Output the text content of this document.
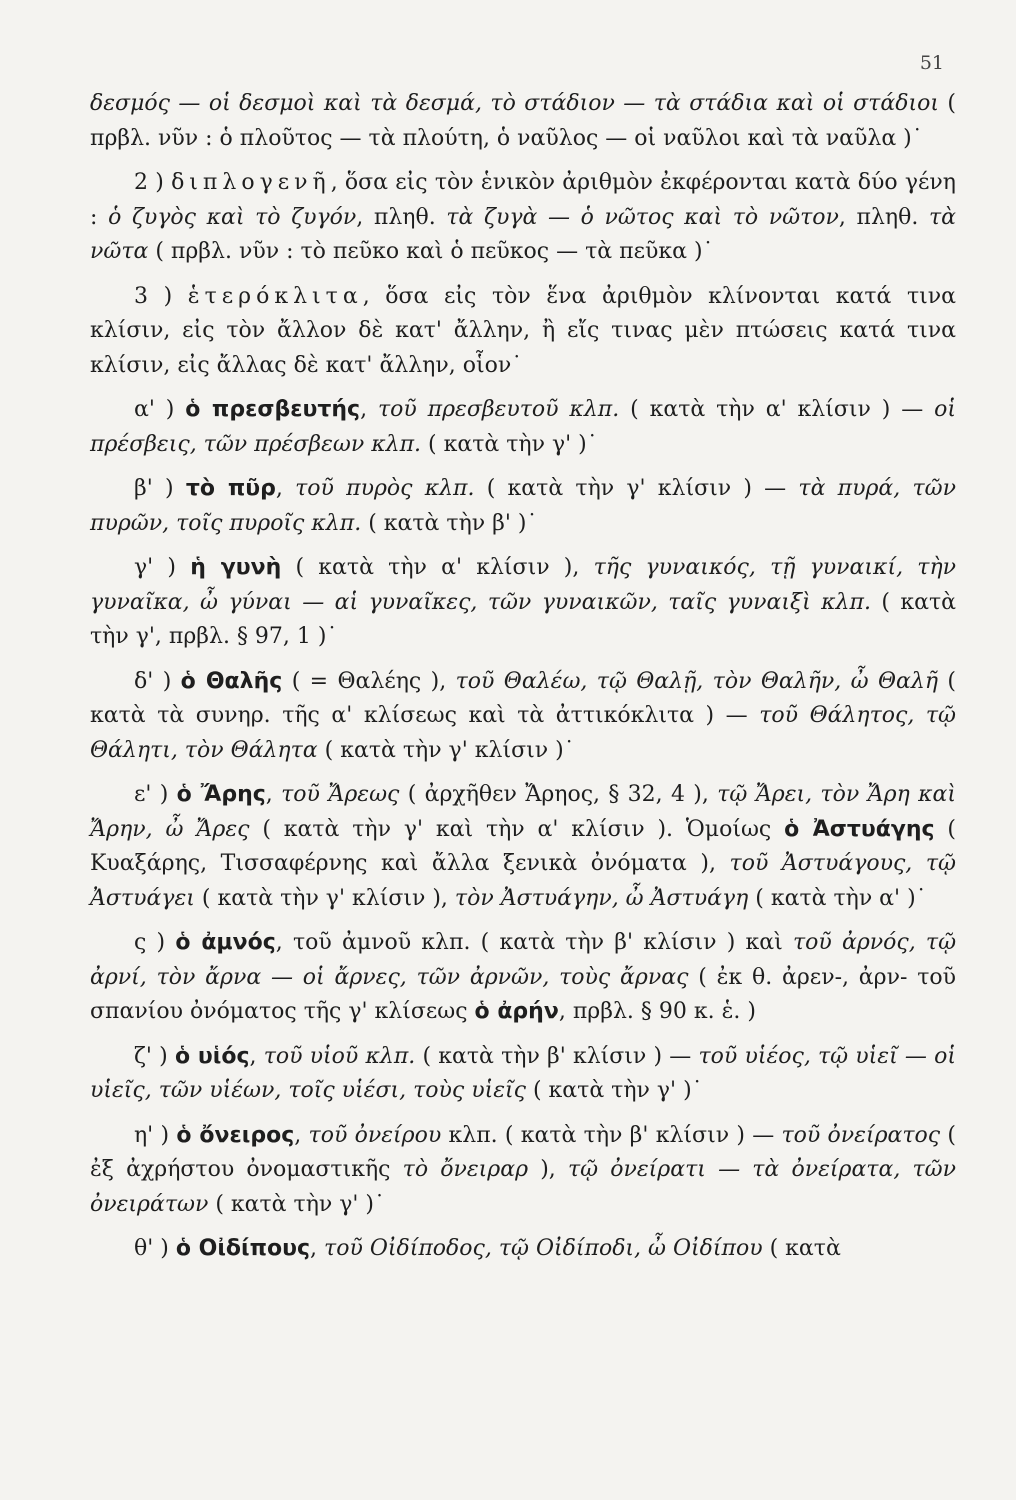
51

δεσμός — οἱ δεσμοὶ καὶ τὰ δεσμά, τὸ στάδιον — τὰ στάδια καὶ οἱ στάδιοι ( πρβλ. νῦν : ὁ πλοῦτος — τὰ πλούτη, ὁ ναῦλος — οἱ ναῦλοι καὶ τὰ ναῦλα )˙

2 ) διπλογενῆ, ὅσα εἰς τὸν ἑνικὸν ἀριθμὸν ἐκφέρονται κατὰ δύο γένη : ὁ ζυγὸς καὶ τὸ ζυγόν, πληθ. τὰ ζυγὰ — ὁ νῶτος καὶ τὸ νῶτον, πληθ. τὰ νῶτα ( πρβλ. νῦν : τὸ πεῦκο καὶ ὁ πεῦκος — τὰ πεῦκα )˙

3 ) ἑτερόκλιτα, ὅσα εἰς τὸν ἕνα ἀριθμὸν κλίνονται κατά τινα κλίσιν, εἰς τὸν ἄλλον δὲ κατ' ἄλλην, ἢ εἴς τινας μὲν πτώσεις κατά τινα κλίσιν, εἰς ἄλλας δὲ κατ' ἄλλην, οἷον˙

α' ) ὁ πρεσβευτής, τοῦ πρεσβευτοῦ κλπ. ( κατὰ τὴν α' κλίσιν ) — οἱ πρέσβεις, τῶν πρέσβεων κλπ. ( κατὰ τὴν γ' )˙

β' ) τὸ πῦρ, τοῦ πυρὸς κλπ. ( κατὰ τὴν γ' κλίσιν ) — τὰ πυρά, τῶν πυρῶν, τοῖς πυροῖς κλπ. ( κατὰ τὴν β' )˙

γ' ) ἡ γυνὴ ( κατὰ τὴν α' κλίσιν ), τῆς γυναικός, τῇ γυναικί, τὴν γυναῖκα, ὦ γύναι — αἱ γυναῖκες, τῶν γυναικῶν, ταῖς γυναιξὶ κλπ. ( κατὰ τὴν γ', πρβλ. § 97, 1 )˙

δ' ) ὁ Θαλῆς ( = Θαλέης ), τοῦ Θαλέω, τῷ Θαλῇ, τὸν Θαλῆν, ὦ Θαλῆ ( κατὰ τὰ συνηρ. τῆς α' κλίσεως καὶ τὰ ἀττικόκλιτα ) — τοῦ Θάλητος, τῷ Θάλητι, τὸν Θάλητα ( κατὰ τὴν γ' κλίσιν )˙

ε' ) ὁ Ἄρης, τοῦ Ἄρεως ( ἀρχῆθεν Ἄρηος, § 32, 4 ), τῷ Ἄρει, τὸν Ἄρη καὶ Ἄρην, ὦ Ἄρες ( κατὰ τὴν γ' καὶ τὴν α' κλίσιν ). Ὁμοίως ὁ Ἀστυάγης ( Κυαξάρης, Τισσαφέρνης καὶ ἄλλα ξενικὰ ὀνόματα ), τοῦ Ἀστυάγους, τῷ Ἀστυάγει ( κατὰ τὴν γ' κλίσιν ), τὸν Ἀστυάγην, ὦ Ἀστυάγη ( κατὰ τὴν α' )˙

ς ) ὁ ἀμνός, τοῦ ἀμνοῦ κλπ. ( κατὰ τὴν β' κλίσιν ) καὶ τοῦ ἀρνός, τῷ ἀρνί, τὸν ἄρνα — οἱ ἄρνες, τῶν ἀρνῶν, τοὺς ἄρνας ( ἐκ θ. ἀρεν-, ἀρν- τοῦ σπανίου ὀνόματος τῆς γ' κλίσεως ὁ ἀρήν, πρβλ. § 90 κ. ἑ. )

ζ' ) ὁ υἱός, τοῦ υἱοῦ κλπ. ( κατὰ τὴν β' κλίσιν ) — τοῦ υἱέος, τῷ υἱεῖ — οἱ υἱεῖς, τῶν υἱέων, τοῖς υἱέσι, τοὺς υἱεῖς ( κατὰ τὴν γ' )˙

η' ) ὁ ὄνειρος, τοῦ ὀνείρου κλπ. ( κατὰ τὴν β' κλίσιν ) — τοῦ ὀνείρατος ( ἐξ ἀχρήστου ὀνομαστικῆς τὸ ὄνειραρ ), τῷ ὀνείρατι — τὰ ὀνείρατα, τῶν ὀνειράτων ( κατὰ τὴν γ' )˙

θ' ) ὁ Οἰδίπους, τοῦ Οἰδίποδος, τῷ Οἰδίποδι, ὦ Οἰδίπου ( κατὰ
